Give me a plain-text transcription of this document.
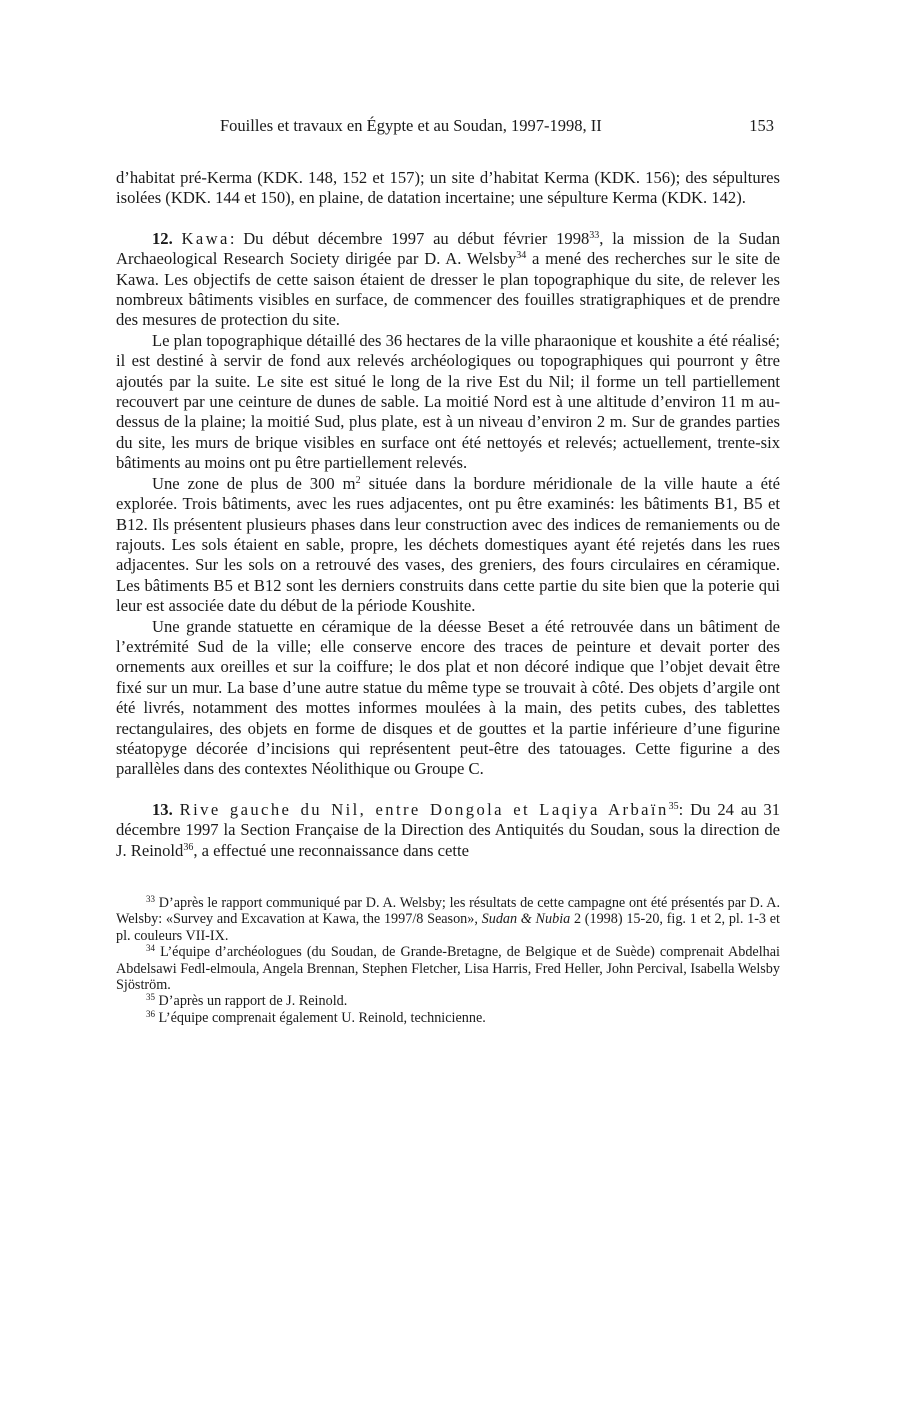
Fouilles et travaux en Égypte et au Soudan, 1997-1998, II	153

d’habitat pré-Kerma (KDK. 148, 152 et 157); un site d’habitat Kerma (KDK. 156); des sépultures isolées (KDK. 144 et 150), en plaine, de datation incertaine; une sépulture Kerma (KDK. 142).

12. Kawa: Du début décembre 1997 au début février 1998$^{33}$, la mission de la Sudan Archaeological Research Society dirigée par D. A. Welsby$^{34}$ a mené des recherches sur le site de Kawa. Les objectifs de cette saison étaient de dresser le plan topographique du site, de relever les nombreux bâtiments visibles en surface, de commencer des fouilles stratigraphiques et de prendre des mesures de protection du site.

Le plan topographique détaillé des 36 hectares de la ville pharaonique et koushite a été réalisé; il est destiné à servir de fond aux relevés archéologiques ou topographiques qui pourront y être ajoutés par la suite. Le site est situé le long de la rive Est du Nil; il forme un tell partiellement recouvert par une ceinture de dunes de sable. La moitié Nord est à une altitude d’environ 11 m au-dessus de la plaine; la moitié Sud, plus plate, est à un niveau d’environ 2 m. Sur de grandes parties du site, les murs de brique visibles en surface ont été nettoyés et relevés; actuellement, trente-six bâtiments au moins ont pu être partiellement relevés.

Une zone de plus de 300 $m^2$ située dans la bordure méridionale de la ville haute a été explorée. Trois bâtiments, avec les rues adjacentes, ont pu être examinés: les bâtiments B1, B5 et B12. Ils présentent plusieurs phases dans leur construction avec des indices de remaniements ou de rajouts. Les sols étaient en sable, propre, les déchets domestiques ayant été rejetés dans les rues adjacentes. Sur les sols on a retrouvé des vases, des greniers, des fours circulaires en céramique. Les bâtiments B5 et B12 sont les derniers construits dans cette partie du site bien que la poterie qui leur est associée date du début de la période Koushite.

Une grande statuette en céramique de la déesse Beset a été retrouvée dans un bâtiment de l’extrémité Sud de la ville; elle conserve encore des traces de peinture et devait porter des ornements aux oreilles et sur la coiffure; le dos plat et non décoré indique que l’objet devait être fixé sur un mur. La base d’une autre statue du même type se trouvait à côté. Des objets d’argile ont été livrés, notamment des mottes informes moulées à la main, des petits cubes, des tablettes rectangulaires, des objets en forme de disques et de gouttes et la partie inférieure d’une figurine stéatopyge décorée d’incisions qui représentent peut-être des tatouages. Cette figurine a des parallèles dans des contextes Néolithique ou Groupe C.

13. Rive gauche du Nil, entre Dongola et Laqiya Arbaïn$^{35}$: Du 24 au 31 décembre 1997 la Section Française de la Direction des Antiquités du Soudan, sous la direction de J. Reinold$^{36}$, a effectué une reconnaissance dans cette

$^{33}$ D’après le rapport communiqué par D. A. Welsby; les résultats de cette campagne ont été présentés par D. A. Welsby: «Survey and Excavation at Kawa, the 1997/8 Season», Sudan & Nubia 2 (1998) 15-20, fig. 1 et 2, pl. 1-3 et pl. couleurs VII-IX.

$^{34}$ L’équipe d’archéologues (du Soudan, de Grande-Bretagne, de Belgique et de Suède) comprenait Abdelhai Abdelsawi Fedl-elmoula, Angela Brennan, Stephen Fletcher, Lisa Harris, Fred Heller, John Percival, Isabella Welsby Sjöström.

$^{35}$ D’après un rapport de J. Reinold.

$^{36}$ L’équipe comprenait également U. Reinold, technicienne.
